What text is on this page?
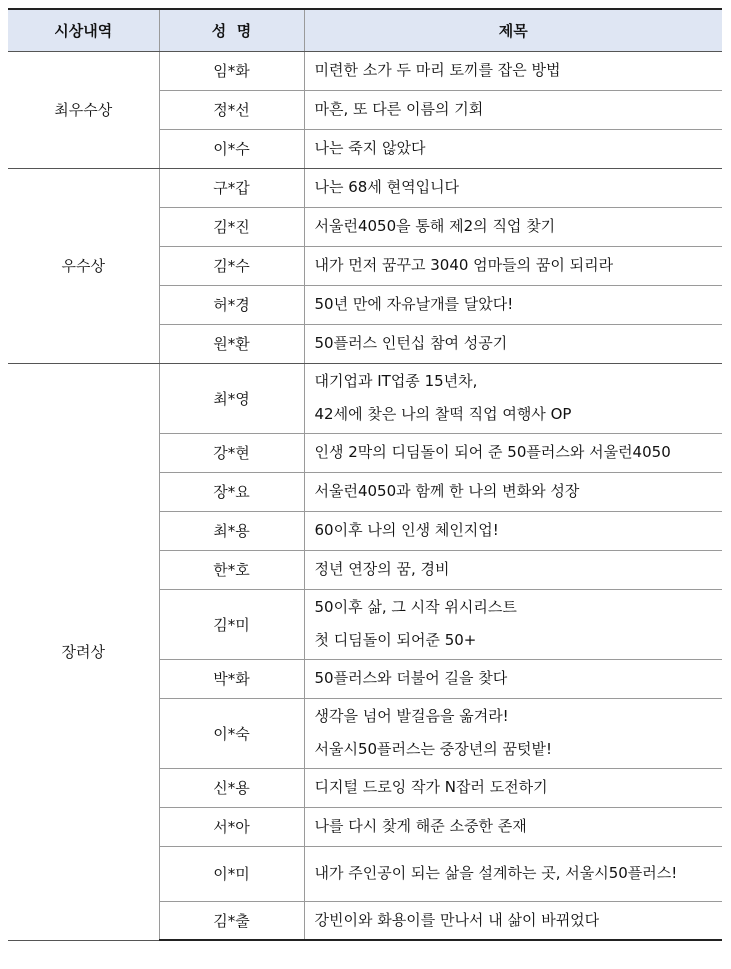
시상내역	성  명	제목
최우수상	임*화	미련한 소가 두 마리 토끼를 잡은 방법

	정*선	마흔, 또 다른 이름의 기회

	이*수	나는 죽지 않았다

우수상	구*갑	나는 68세 현역입니다

	김*진	서울런4050을 통해 제2의 직업 찾기

	김*수	내가 먼저 꿈꾸고 3040 엄마들의 꿈이 되리라

	허*경	50년 만에 자유날개를 달았다!

	원*환	50플러스 인턴십 참여 성공기

장려상	최*영	대기업과 IT업종 15년차,
42세에 찾은 나의 찰떡 직업 여행사 OP

	강*현	인생 2막의 디딤돌이 되어 준 50플러스와 서울런4050

	장*요	서울런4050과 함께 한 나의 변화와 성장

	최*용	60이후 나의 인생 체인지업!

	한*호	정년 연장의 꿈, 경비

	김*미	50이후 삶, 그 시작 위시리스트
첫 디딤돌이 되어준 50+

	박*화	50플러스와 더불어 길을 찾다

	이*숙	생각을 넘어 발걸음을 옮겨라!
서울시50플러스는 중장년의 꿈텃밭!

	신*용	디지털 드로잉 작가 N잡러 도전하기

	서*아	나를 다시 찾게 해준 소중한 존재

	이*미	내가 주인공이 되는 삶을 설계하는 곳, 서울시50플러스!

	김*출	강빈이와 화용이를 만나서 내 삶이 바뀌었다
